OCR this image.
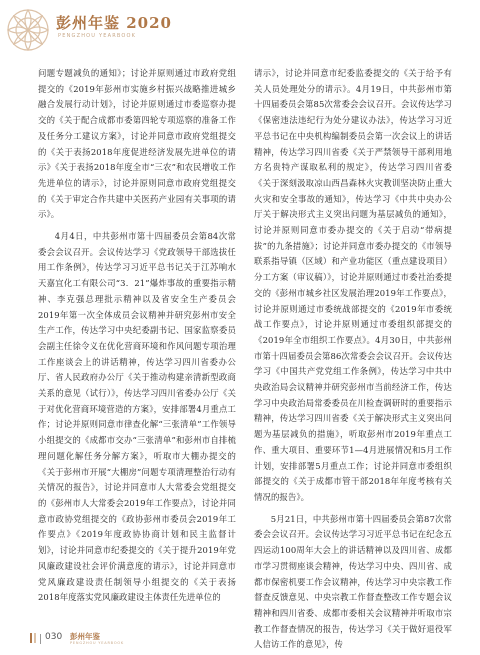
彭州年鉴 2020
PENGZHOU YEARBOOK

问题专题减负的通知》；讨论并原则通过市政府党组提交的《2019年彭州市实施乡村振兴战略推进城乡融合发展行动计划》，讨论并原则通过市委巡察办提交的《关于配合成都市委第四轮专项巡察的准备工作及任务分工建议方案》，讨论并同意市政府党组提交的《关于表扬2018年度促进经济发展先进单位的请示》《关于表扬2018年度全市“三农”和农民增收工作先进单位的请示》，讨论并原则同意市政府党组提交的《关于审定合作共建中关医药产业园有关事项的请示》。

4月4日，中共彭州市第十四届委员会第84次常委会会议召开。会议传达学习《党政领导干部选拔任用工作条例》，传达学习习近平总书记关于江苏响水天嘉宜化工有限公司“3．21”爆炸事故的重要指示精神、李克强总理批示精神以及省安全生产委员会2019年第一次全体成员会议精神并研究彭州市安全生产工作，传达学习中央纪委副书记、国家监察委员会副主任徐令义在优化营商环境和作风问题专项治理工作座谈会上的讲话精神，传达学习四川省委办公厅、省人民政府办公厅《关于推动构建亲清新型政商关系的意见（试行）》，传达学习四川省委办公厅《关于对优化营商环境营造的方案》，安排部署4月重点工作；讨论并原则同意市律查化解“三张清单”工作领导小组提交的《成都市交办“三张清单”和彭州市自排梳理问题化解任务分解方案》，听取市大棚办提交的《关于彭州市开展“大棚房”问题专项清理整治行动有关情况的报告》，讨论并同意市人大常委会党组提交的《彭州市人大常委会2019年工作要点》，讨论并同意市政协党组提交的《政协彭州市委员会2019年工作要点》《2019年度政协协商计划和民主监督计划》，讨论并同意市纪委提交的《关于提升2019年党风廉政建设社会评价满意度的请示》，讨论并同意市党风廉政建设责任制领导小组提交的《关于表扬2018年度落实党风廉政建设主体责任先进单位的

请示》，讨论并同意市纪委监委提交的《关于给予有关人员处理处分的请示》。4月19日，中共彭州市第十四届委员会第85次常委会会议召开。会议传达学习《保密违法违纪行为处分建议办法》，传达学习习近平总书记在中央机构编制委员会第一次会议上的讲话精神，传达学习四川省委《关于严禁领导干部利用地方名贵特产谋取私利的规定》，传达学习四川省委《关于深刻汲取凉山西昌森林火灾教训坚决防止重大火灾和安全事故的通知》，传达学习《中共中央办公厅关于解决形式主义突出问题为基层减负的通知》，讨论并原则同意市委办提交的《关于启动“带病提拔”的九条措施》；讨论并同意市委办提交的《市领导联系指导镇（区域）和产业功能区（重点建设项目）分工方案（审议稿）》，讨论并原则通过市委社治委提交的《彭州市城乡社区发展治理2019年工作要点》，讨论并原则通过市委统战部提交的《2019年市委统战工作要点》，讨论并原则通过市委组织部提交的《2019年全市组织工作要点》。4月30日，中共彭州市第十四届委员会第86次常委会会议召开。会议传达学习《中国共产党党组工作条例》，传达学习中共中央政治局会议精神并研究彭州市当前经济工作，传达学习中央政治局常委委员在川检查调研时的重要指示精神，传达学习四川省委《关于解决形式主义突出问题为基层减负的措施》，听取彭州市2019年重点工作、重大项目、重要环节1—4月进展情况和5月工作计划，安排部署5月重点工作；讨论并同意市委组织部提交的《关于成都市管干部2018年年度考核有关情况的报告》。

5月21日，中共彭州市第十四届委员会第87次常委会会议召开。会议传达学习习近平总书记在纪念五四运动100周年大会上的讲话精神以及四川省、成都市学习贯彻座谈会精神，传达学习中央、四川省、成都市保密机要工作会议精神，传达学习中央宗教工作督查反馈意见、中央宗教工作督查整改工作专题会议精神和四川省委、成都市委相关会议精神并听取市宗教工作督查情况的报告，传达学习《关于做好退役军人信访工作的意见》，传

030 彭州年鉴
PENGZHOU YEARBOOK
